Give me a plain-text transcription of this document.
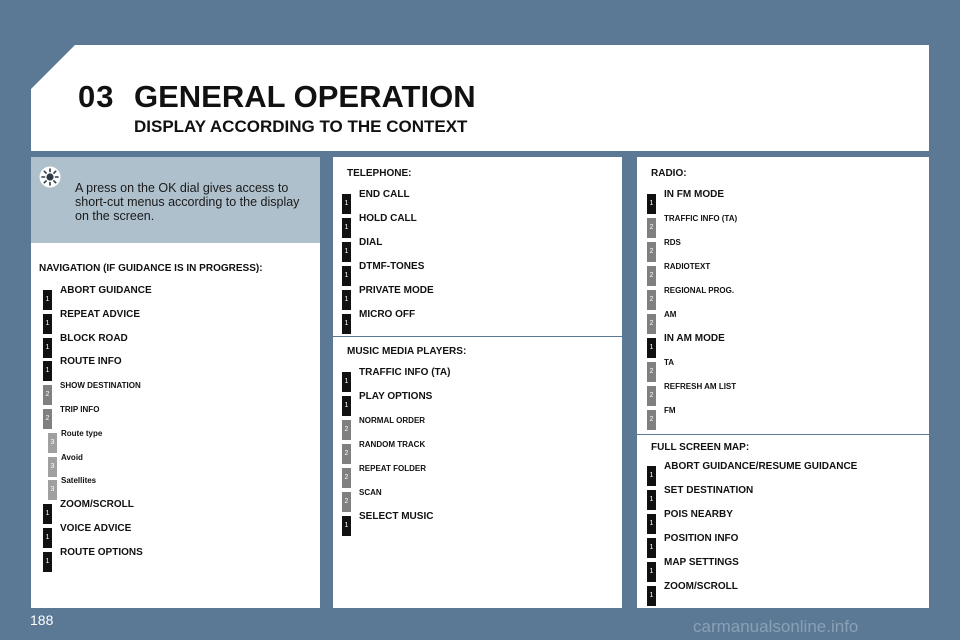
03 GENERAL OPERATION
DISPLAY ACCORDING TO THE CONTEXT
A press on the OK dial gives access to short-cut menus according to the display on the screen.
NAVIGATION (IF GUIDANCE IS IN PROGRESS):
1
ABORT GUIDANCE
1
REPEAT ADVICE
1
BLOCK ROAD
1
ROUTE INFO
2
SHOW DESTINATION
2
TRIP INFO
3
Route type
3
Avoid
3
Satellites
1
ZOOM/SCROLL
1
VOICE ADVICE
1
ROUTE OPTIONS
TELEPHONE:
1
END CALL
1
HOLD CALL
1
DIAL
1
DTMF-TONES
1
PRIVATE MODE
1
MICRO OFF
MUSIC MEDIA PLAYERS:
1
TRAFFIC INFO (TA)
1
PLAY OPTIONS
2
NORMAL ORDER
2
RANDOM TRACK
2
REPEAT FOLDER
2
SCAN
1
SELECT MUSIC
RADIO:
1
IN FM MODE
2
TRAFFIC INFO (TA)
2
RDS
2
RADIOTEXT
2
REGIONAL PROG.
2
AM
1
IN AM MODE
2
TA
2
REFRESH AM LIST
2
FM
FULL SCREEN MAP:
1
ABORT GUIDANCE/RESUME GUIDANCE
1
SET DESTINATION
1
POIS NEARBY
1
POSITION INFO
1
MAP SETTINGS
1
ZOOM/SCROLL
188	carmanualsonline.info
